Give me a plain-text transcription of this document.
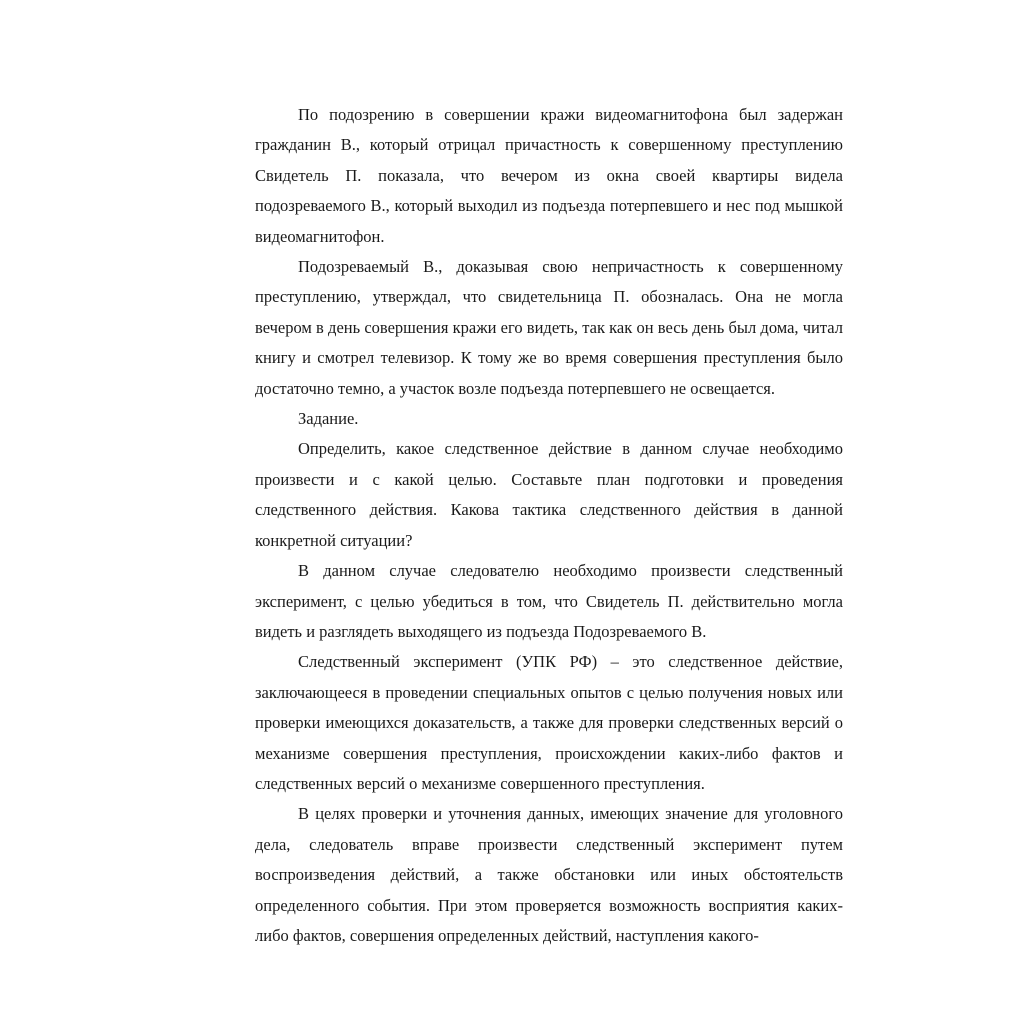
По подозрению в совершении кражи видеомагнитофона был задержан гражданин В., который отрицал причастность к совершенному преступлению Свидетель П. показала, что вечером из окна своей квартиры видела подозреваемого В., который выходил из подъезда потерпевшего и нес под мышкой видеомагнитофон.

Подозреваемый В., доказывая свою непричастность к совершенному преступлению, утверждал, что свидетельница П. обозналась. Она не могла вечером в день совершения кражи его видеть, так как он весь день был дома, читал книгу и смотрел телевизор. К тому же во время совершения преступления было достаточно темно, а участок возле подъезда потерпевшего не освещается.

Задание.

Определить, какое следственное действие в данном случае необходимо произвести и с какой целью. Составьте план подготовки и проведения следственного действия. Какова тактика следственного действия в данной конкретной ситуации?

В данном случае следователю необходимо произвести следственный эксперимент, с целью убедиться в том, что Свидетель П. действительно могла видеть и разглядеть выходящего из подъезда Подозреваемого В.

Следственный эксперимент (УПК РФ) – это следственное действие, заключающееся в проведении специальных опытов с целью получения новых или проверки имеющихся доказательств, а также для проверки следственных версий о механизме совершения преступления, происхождении каких-либо фактов и следственных версий о механизме совершенного преступления.

В целях проверки и уточнения данных, имеющих значение для уголовного дела, следователь вправе произвести следственный эксперимент путем воспроизведения действий, а также обстановки или иных обстоятельств определенного события. При этом проверяется возможность восприятия каких-либо фактов, совершения определенных действий, наступления какого-
